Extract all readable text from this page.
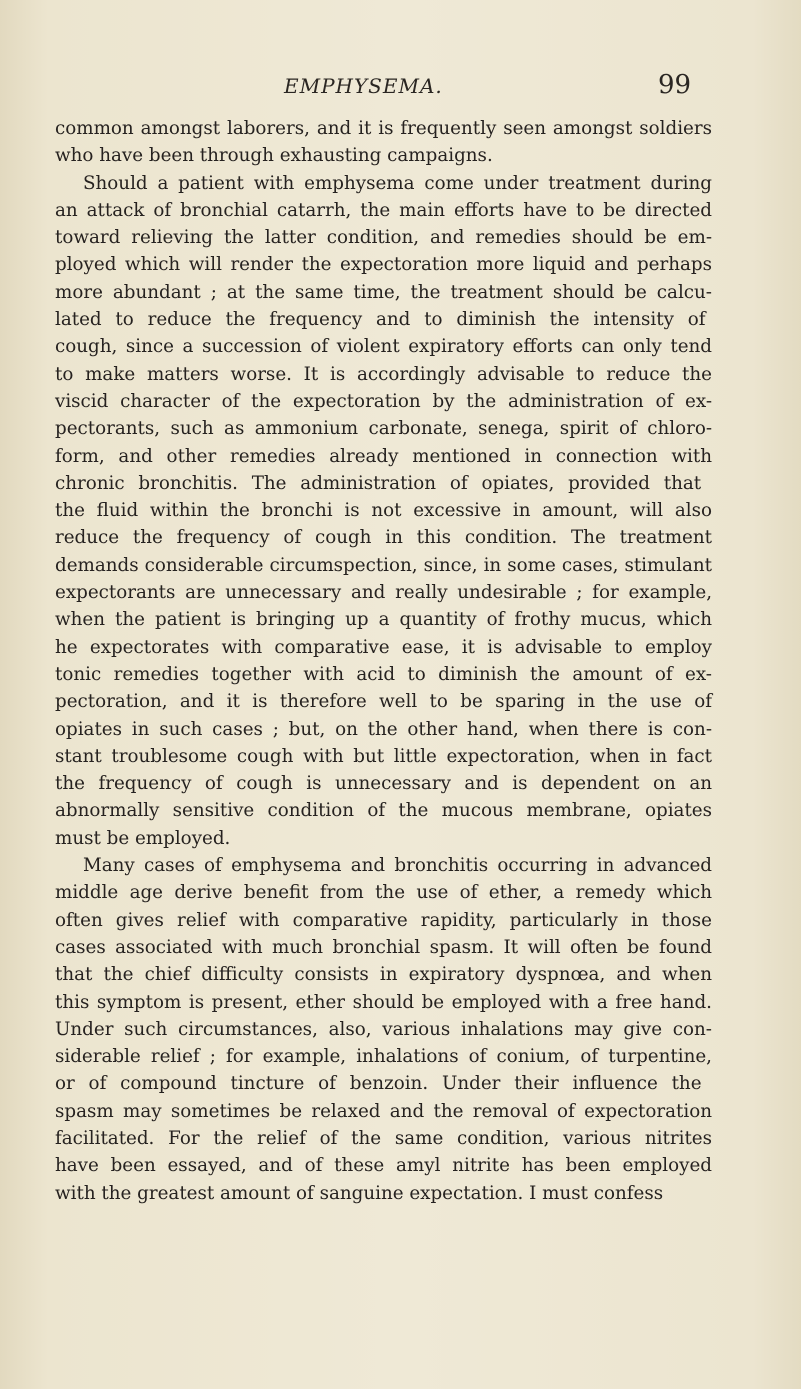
EMPHYSEMA.	99
common amongst laborers, and it is frequently seen amongst soldiers
who have been through exhausting campaigns.
Should a patient with emphysema come under treatment during
an attack of bronchial catarrh, the main efforts have to be directed
toward relieving the latter condition, and remedies should be em-
ployed which will render the expectoration more liquid and perhaps
more abundant ; at the same time, the treatment should be calcu-
lated to reduce the frequency and to diminish the intensity of
cough, since a succession of violent expiratory efforts can only tend
to make matters worse. It is accordingly advisable to reduce the
viscid character of the expectoration by the administration of ex-
pectorants, such as ammonium carbonate, senega, spirit of chloro-
form, and other remedies already mentioned in connection with
chronic bronchitis. The administration of opiates, provided that
the fluid within the bronchi is not excessive in amount, will also
reduce the frequency of cough in this condition. The treatment
demands considerable circumspection, since, in some cases, stimulant
expectorants are unnecessary and really undesirable ; for example,
when the patient is bringing up a quantity of frothy mucus, which
he expectorates with comparative ease, it is advisable to employ
tonic remedies together with acid to diminish the amount of ex-
pectoration, and it is therefore well to be sparing in the use of
opiates in such cases ; but, on the other hand, when there is con-
stant troublesome cough with but little expectoration, when in fact
the frequency of cough is unnecessary and is dependent on an
abnormally sensitive condition of the mucous membrane, opiates
must be employed.
Many cases of emphysema and bronchitis occurring in advanced
middle age derive benefit from the use of ether, a remedy which
often gives relief with comparative rapidity, particularly in those
cases associated with much bronchial spasm. It will often be found
that the chief difficulty consists in expiratory dyspnœa, and when
this symptom is present, ether should be employed with a free hand.
Under such circumstances, also, various inhalations may give con-
siderable relief ; for example, inhalations of conium, of turpentine,
or of compound tincture of benzoin. Under their influence the
spasm may sometimes be relaxed and the removal of expectoration
facilitated. For the relief of the same condition, various nitrites
have been essayed, and of these amyl nitrite has been employed
with the greatest amount of sanguine expectation. I must confess
